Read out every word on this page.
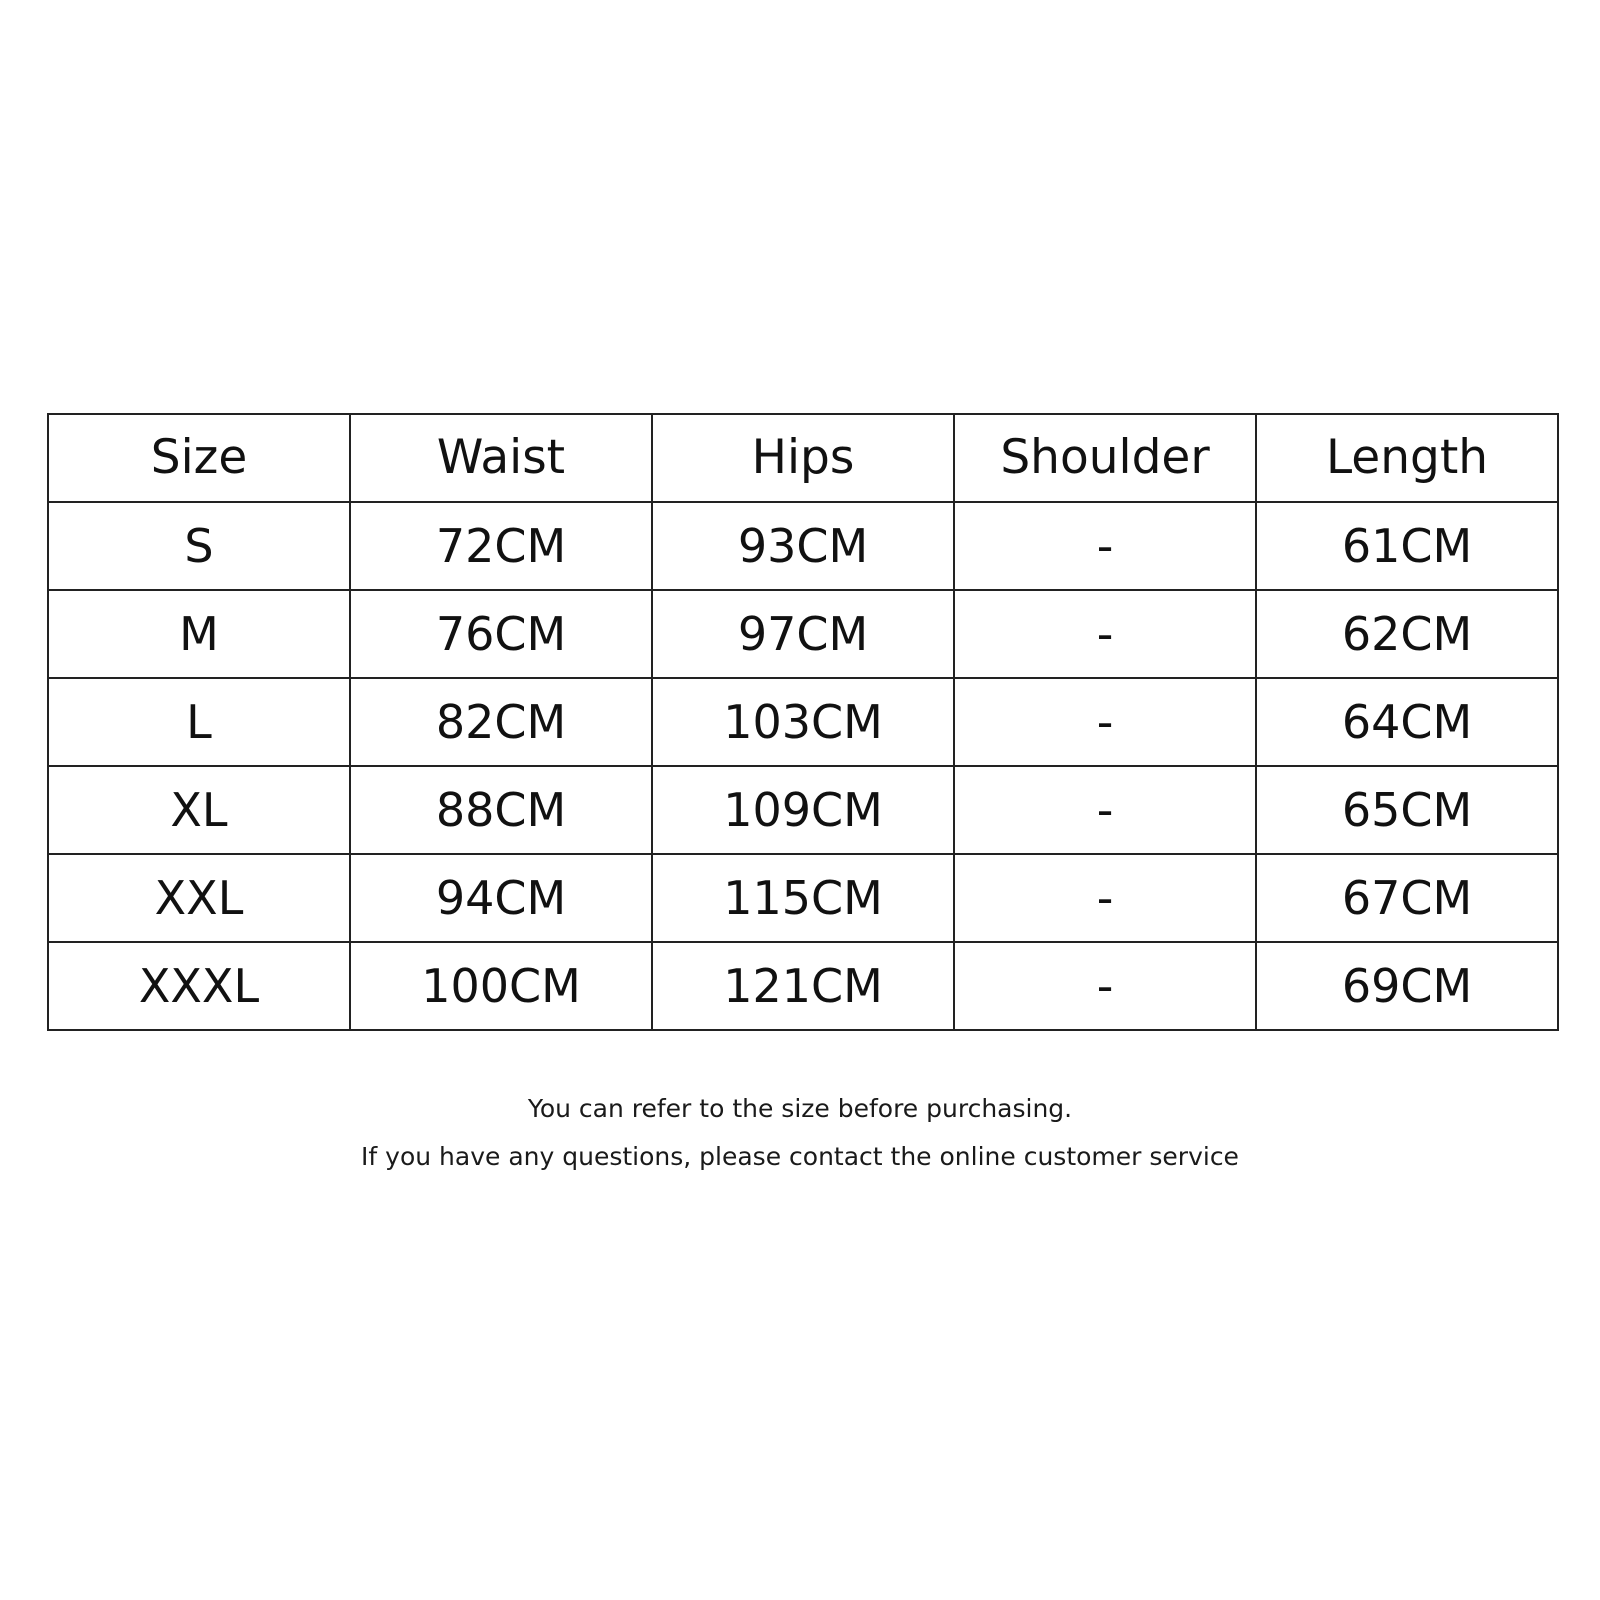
Size	Waist	Hips	Shoulder	Length
S	72CM	93CM	-	61CM
M	76CM	97CM	-	62CM
L	82CM	103CM	-	64CM
XL	88CM	109CM	-	65CM
XXL	94CM	115CM	-	67CM
XXXL	100CM	121CM	-	69CM

You can refer to the size before purchasing.

If you have any questions, please contact the online customer service
